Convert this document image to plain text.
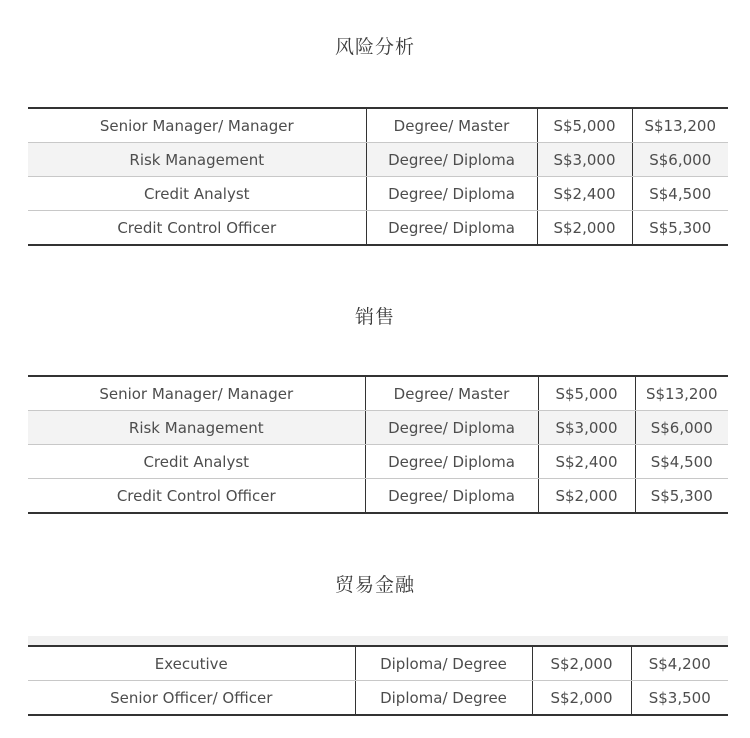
风险分析
Senior Manager/ Manager	Degree/ Master	S$5,000	S$13,200
Risk Management	Degree/ Diploma	S$3,000	S$6,000
Credit Analyst	Degree/ Diploma	S$2,400	S$4,500
Credit Control Officer	Degree/ Diploma	S$2,000	S$5,300
销售
Senior Manager/ Manager	Degree/ Master	S$5,000	S$13,200
Risk Management	Degree/ Diploma	S$3,000	S$6,000
Credit Analyst	Degree/ Diploma	S$2,400	S$4,500
Credit Control Officer	Degree/ Diploma	S$2,000	S$5,300
贸易金融
Executive	Diploma/ Degree	S$2,000	S$4,200
Senior Officer/ Officer	Diploma/ Degree	S$2,000	S$3,500
